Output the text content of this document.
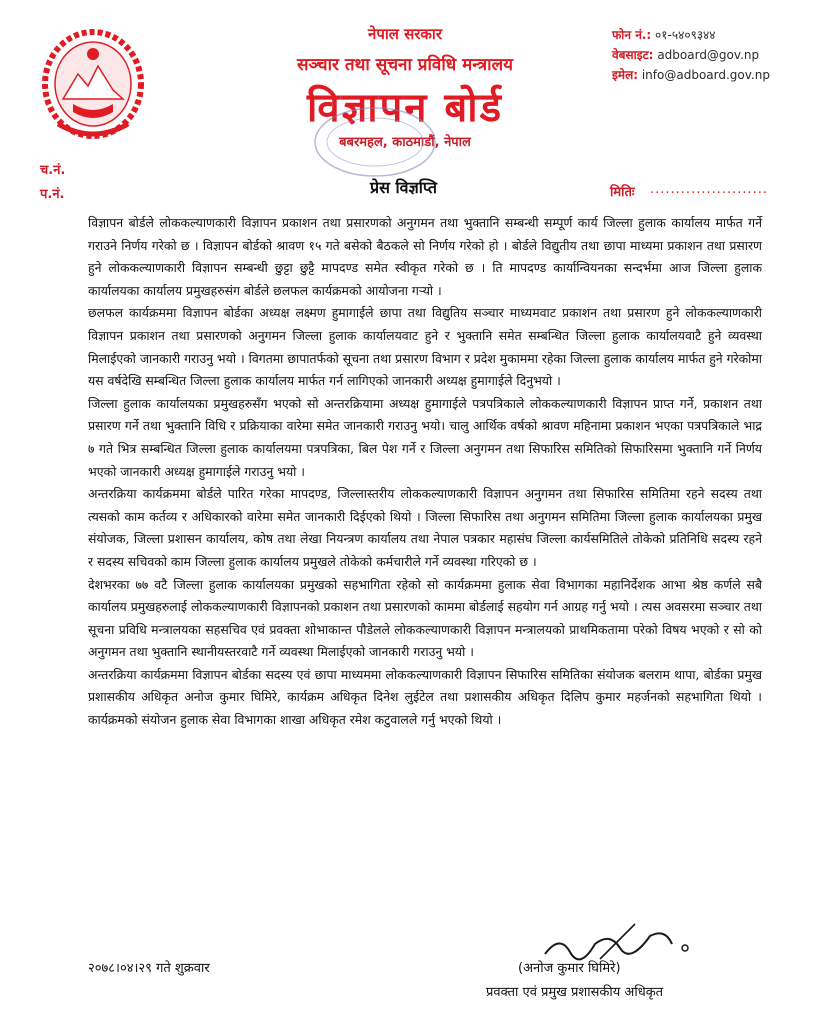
नेपाल सरकार
सञ्चार तथा सूचना प्रविधि मन्त्रालय
विज्ञापन बोर्ड
बबरमहल, काठमाडौं, नेपाल
फोन नं.: ०१-५४०९३४४
वेबसाइट: adboard@gov.np
इमेल: info@adboard.gov.np
च.नं.
प.नं.	प्रेस विज्ञप्ति	मितिः .......................

विज्ञापन बोर्डले लोककल्याणकारी विज्ञापन प्रकाशन तथा प्रसारणको अनुगमन तथा भुक्तानि सम्बन्धी सम्पूर्ण कार्य जिल्ला हुलाक कार्यालय मार्फत गर्ने गराउने निर्णय गरेको छ । विज्ञापन बोर्डको श्रावण १५ गते बसेको बैठकले सो निर्णय गरेको हो । बोर्डले विद्युतीय तथा छापा माध्यमा प्रकाशन तथा प्रसारण हुने लोककल्याणकारी विज्ञापन सम्बन्धी छुट्टा छुट्टै मापदण्ड समेत स्वीकृत गरेको छ । ति मापदण्ड कार्यान्वियनका सन्दर्भमा आज जिल्ला हुलाक कार्यालयका कार्यालय प्रमुखहरुसंग बोर्डले छलफल कार्यक्रमको आयोजना गर्‍यो ।

छलफल कार्यक्रममा विज्ञापन बोर्डका अध्यक्ष लक्ष्मण हुमागाईले छापा तथा विद्युतिय सञ्चार माध्यमवाट प्रकाशन तथा प्रसारण हुने लोककल्याणकारी विज्ञापन प्रकाशन तथा प्रसारणको अनुगमन जिल्ला हुलाक कार्यालयवाट हुने र भुक्तानि समेत सम्बन्धित जिल्ला हुलाक कार्यालयवाटै हुने व्यवस्था मिलाईएको जानकारी गराउनु भयो । विगतमा छापातर्फको सूचना तथा प्रसारण विभाग र प्रदेश मुकाममा रहेका जिल्ला हुलाक कार्यालय मार्फत हुने गरेकोमा यस वर्षदेखि सम्बन्धित जिल्ला हुलाक कार्यालय मार्फत गर्न लागिएको जानकारी अध्यक्ष हुमागाईले दिनुभयो ।

जिल्ला हुलाक कार्यालयका प्रमुखहरुसँग भएको सो अन्तरक्रियामा अध्यक्ष हुमागाईले पत्रपत्रिकाले लोककल्याणकारी विज्ञापन प्राप्त गर्ने, प्रकाशन तथा प्रसारण गर्ने तथा भुक्तानि विधि र प्रक्रियाका वारेमा समेत जानकारी गराउनु भयो। चालु आर्थिक वर्षको श्रावण महिनामा प्रकाशन भएका पत्रपत्रिकाले भाद्र ७ गते भित्र सम्बन्धित जिल्ला हुलाक कार्यालयमा पत्रपत्रिका, बिल पेश गर्ने र जिल्ला अनुगमन तथा सिफारिस समितिको सिफारिसमा भुक्तानि गर्ने निर्णय भएको जानकारी अध्यक्ष हुमागाईले गराउनु भयो ।

अन्तरक्रिया कार्यक्रममा बोर्डले पारित गरेका मापदण्ड, जिल्लास्तरीय लोककल्याणकारी विज्ञापन अनुगमन तथा सिफारिस समितिमा रहने सदस्य तथा त्यसको काम कर्तव्य र अधिकारको वारेमा समेत जानकारी दिईएको थियो । जिल्ला सिफारिस तथा अनुगमन समितिमा जिल्ला हुलाक कार्यालयका प्रमुख संयोजक, जिल्ला प्रशासन कार्यालय, कोष तथा लेखा नियन्त्रण कार्यालय तथा नेपाल पत्रकार महासंघ जिल्ला कार्यसमितिले तोकेको प्रतिनिधि सदस्य रहने र सदस्य सचिवको काम जिल्ला हुलाक कार्यालय प्रमुखले तोकेको कर्मचारीले गर्ने व्यवस्था गरिएको छ ।

देशभरका ७७ वटै जिल्ला हुलाक कार्यालयका प्रमुखको सहभागिता रहेको सो कार्यक्रममा हुलाक सेवा विभागका महानिर्देशक आभा श्रेष्ठ कर्णले सबै कार्यालय प्रमुखहरुलाई लोककल्याणकारी विज्ञापनको प्रकाशन तथा प्रसारणको काममा बोर्डलाई सहयोग गर्न आग्रह गर्नु भयो । त्यस अवसरमा सञ्चार तथा सूचना प्रविधि मन्त्रालयका सहसचिव एवं प्रवक्ता शोभाकान्त पौडेलले लोककल्याणकारी विज्ञापन मन्त्रालयको प्राथमिकतामा परेको विषय भएको र सो को अनुगमन तथा भुक्तानि स्थानीयस्तरवाटै गर्ने व्यवस्था मिलाईएको जानकारी गराउनु भयो ।

अन्तरक्रिया कार्यक्रममा विज्ञापन बोर्डका सदस्य एवं छापा माध्यममा लोककल्याणकारी विज्ञापन सिफारिस समितिका संयोजक बलराम थापा, बोर्डका प्रमुख प्रशासकीय अधिकृत अनोज कुमार घिमिरे, कार्यक्रम अधिकृत दिनेश लुईटेल तथा प्रशासकीय अधिकृत दिलिप कुमार महर्जनको सहभागिता थियो । कार्यक्रमको संयोजन हुलाक सेवा विभागका शाखा अधिकृत रमेश कटुवालले गर्नु भएको थियो ।

२०७८।०४।२९ गते शुक्रवार	(अनोज कुमार घिमिरे)
प्रवक्ता एवं प्रमुख प्रशासकीय अधिकृत
